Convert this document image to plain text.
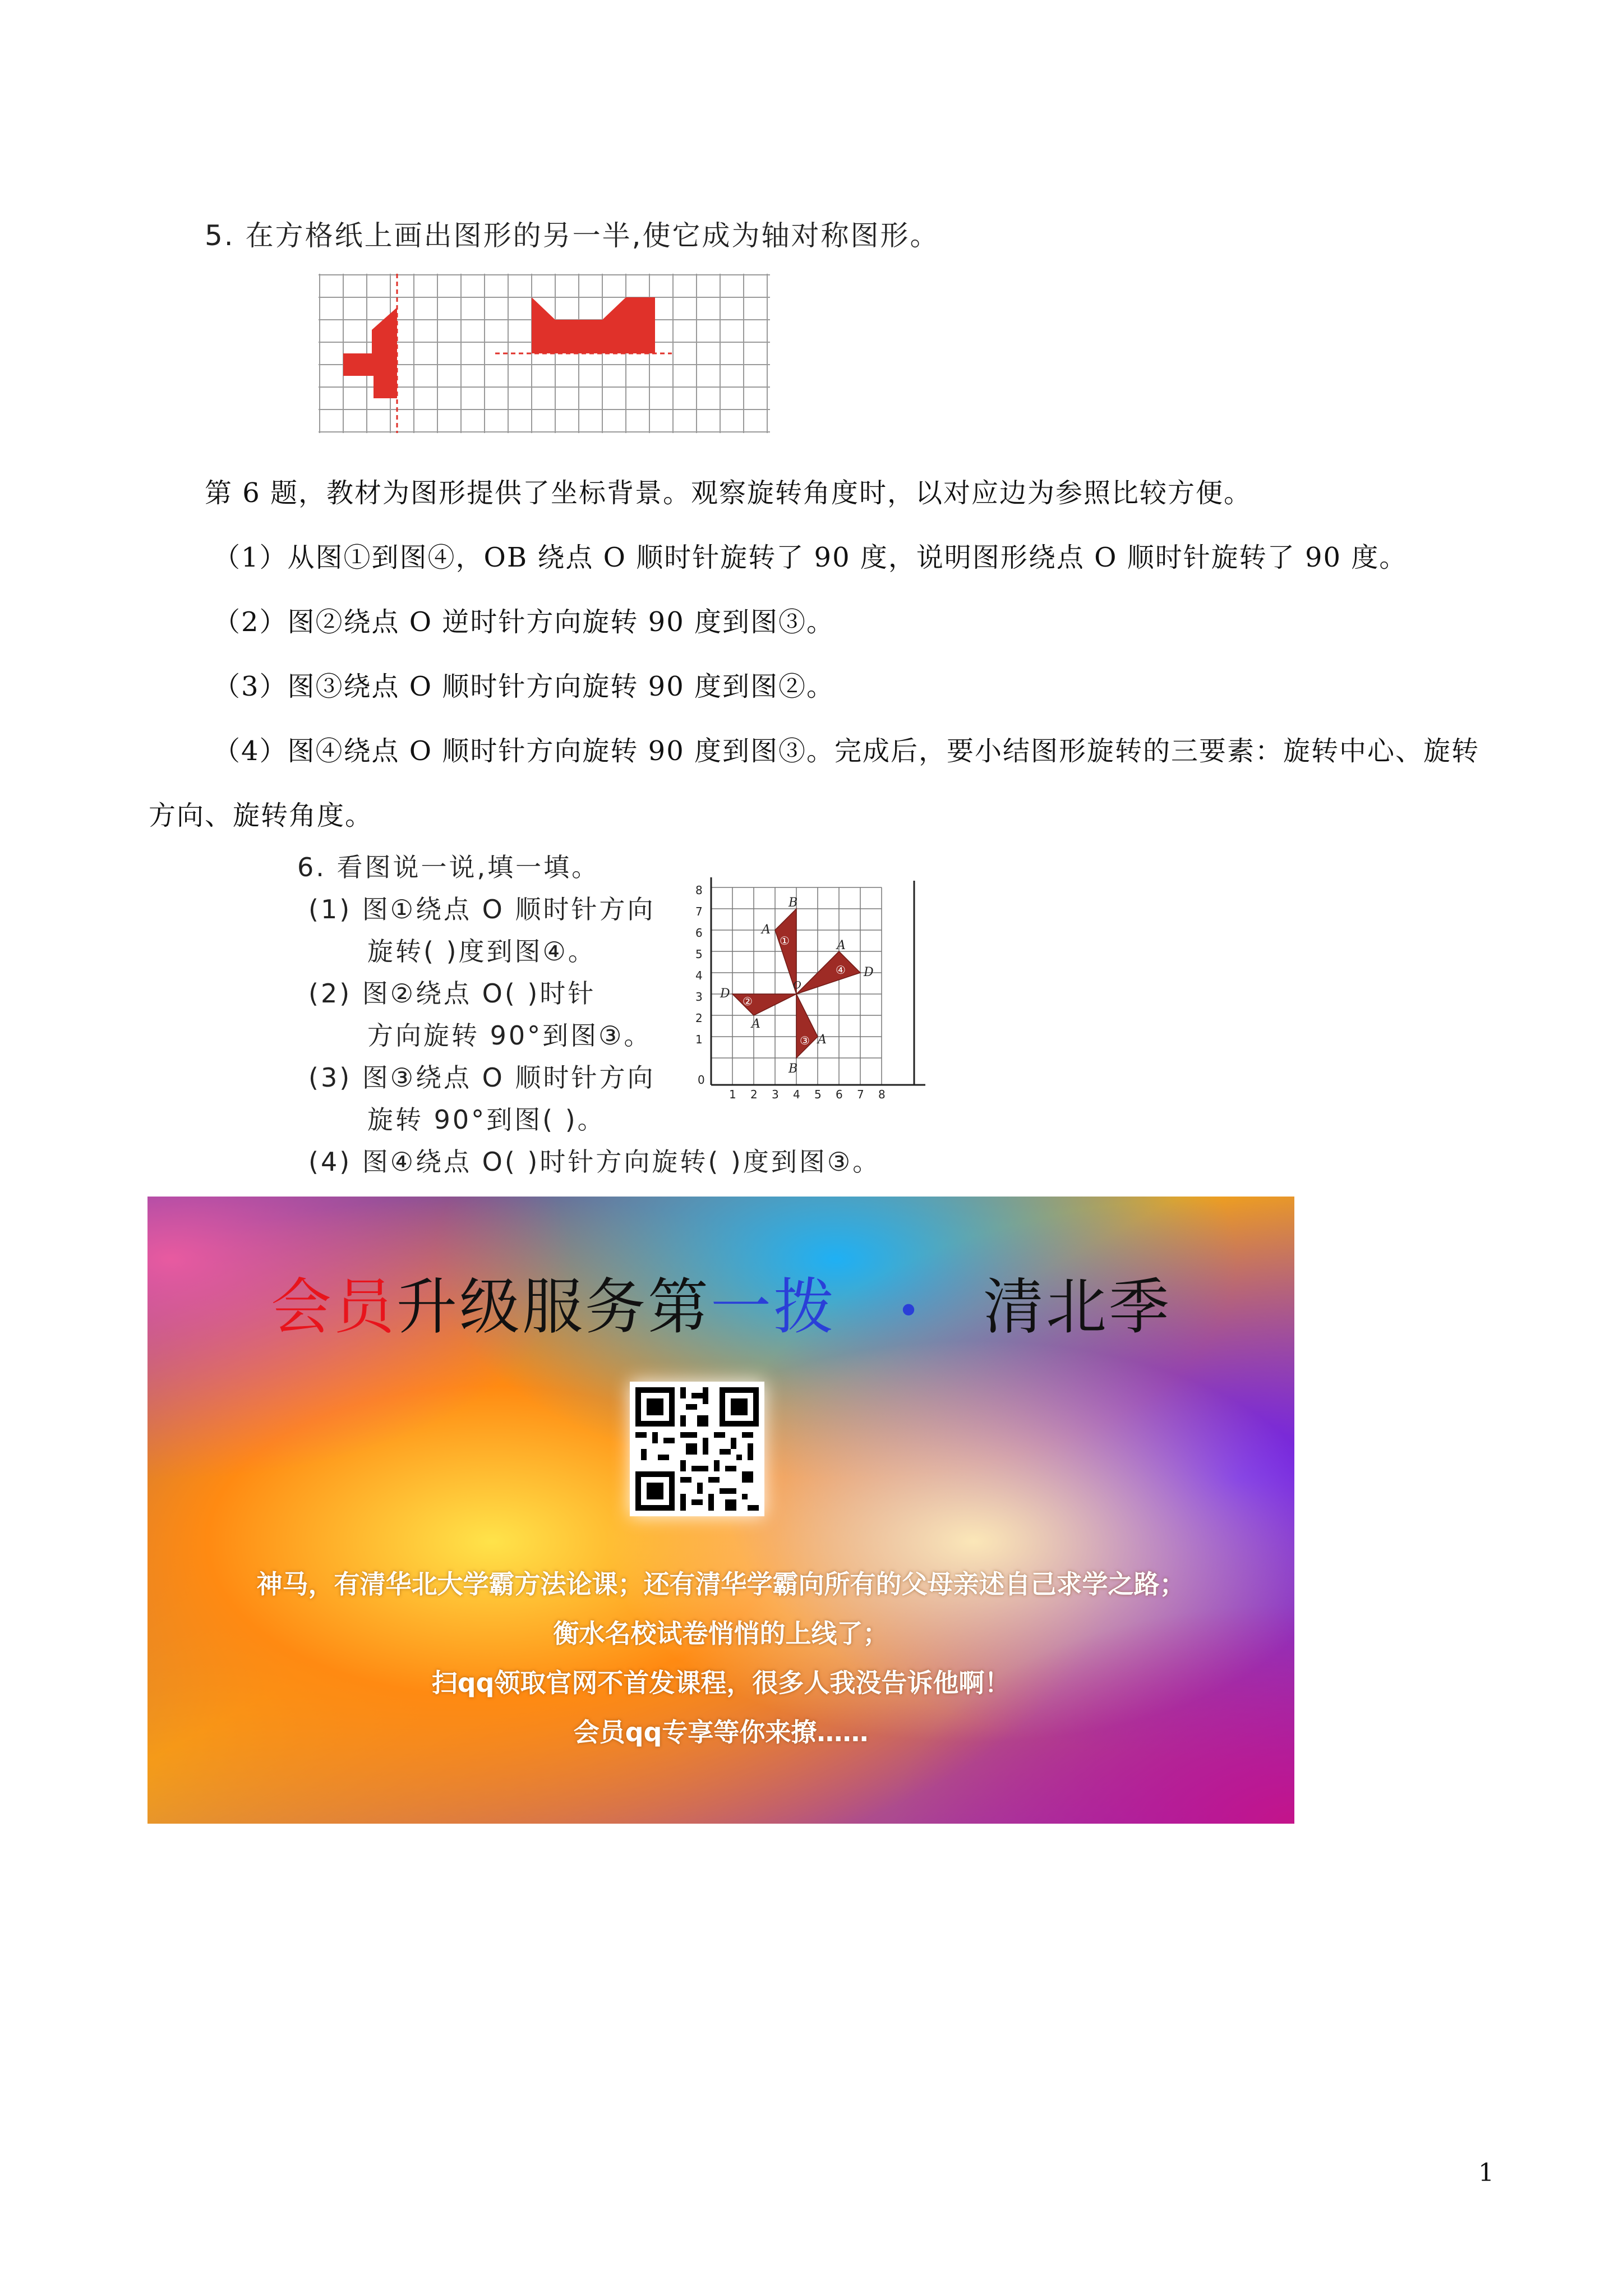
5. 在方格纸上画出图形的另一半,使它成为轴对称图形。
第 6 题，教材为图形提供了坐标背景。观察旋转角度时，以对应边为参照比较方便。
（1）从图①到图④，OB 绕点 O 顺时针旋转了 90 度，说明图形绕点 O 顺时针旋转了 90 度。
（2）图②绕点 O 逆时针方向旋转 90 度到图③。
（3）图③绕点 O 顺时针方向旋转 90 度到图②。
（4）图④绕点 O 顺时针方向旋转 90 度到图③。完成后，要小结图形旋转的三要素：旋转中心、旋转
方向、旋转角度。
6. 看图说一说,填一填。
(1) 图①绕点 O 顺时针方向
旋转( )度到图④。
(2) 图②绕点 O( )时针
方向旋转 90°到图③。
(3) 图③绕点 O 顺时针方向
旋转 90°到图( )。
(4) 图④绕点 O( )时针方向旋转( )度到图③。
8
7
6
5
4
3
2
1
0
1 2 3 4 5 6 7 8
①
②
③
④
A
B
A
D
D
A
A
B
O
会员升级服务第一拨 • 清北季
神马，有清华北大学霸方法论课；还有清华学霸向所有的父母亲述自己求学之路；
衡水名校试卷悄悄的上线了；
扫qq领取官网不首发课程，很多人我没告诉他啊！
会员qq专享等你来撩……
1
